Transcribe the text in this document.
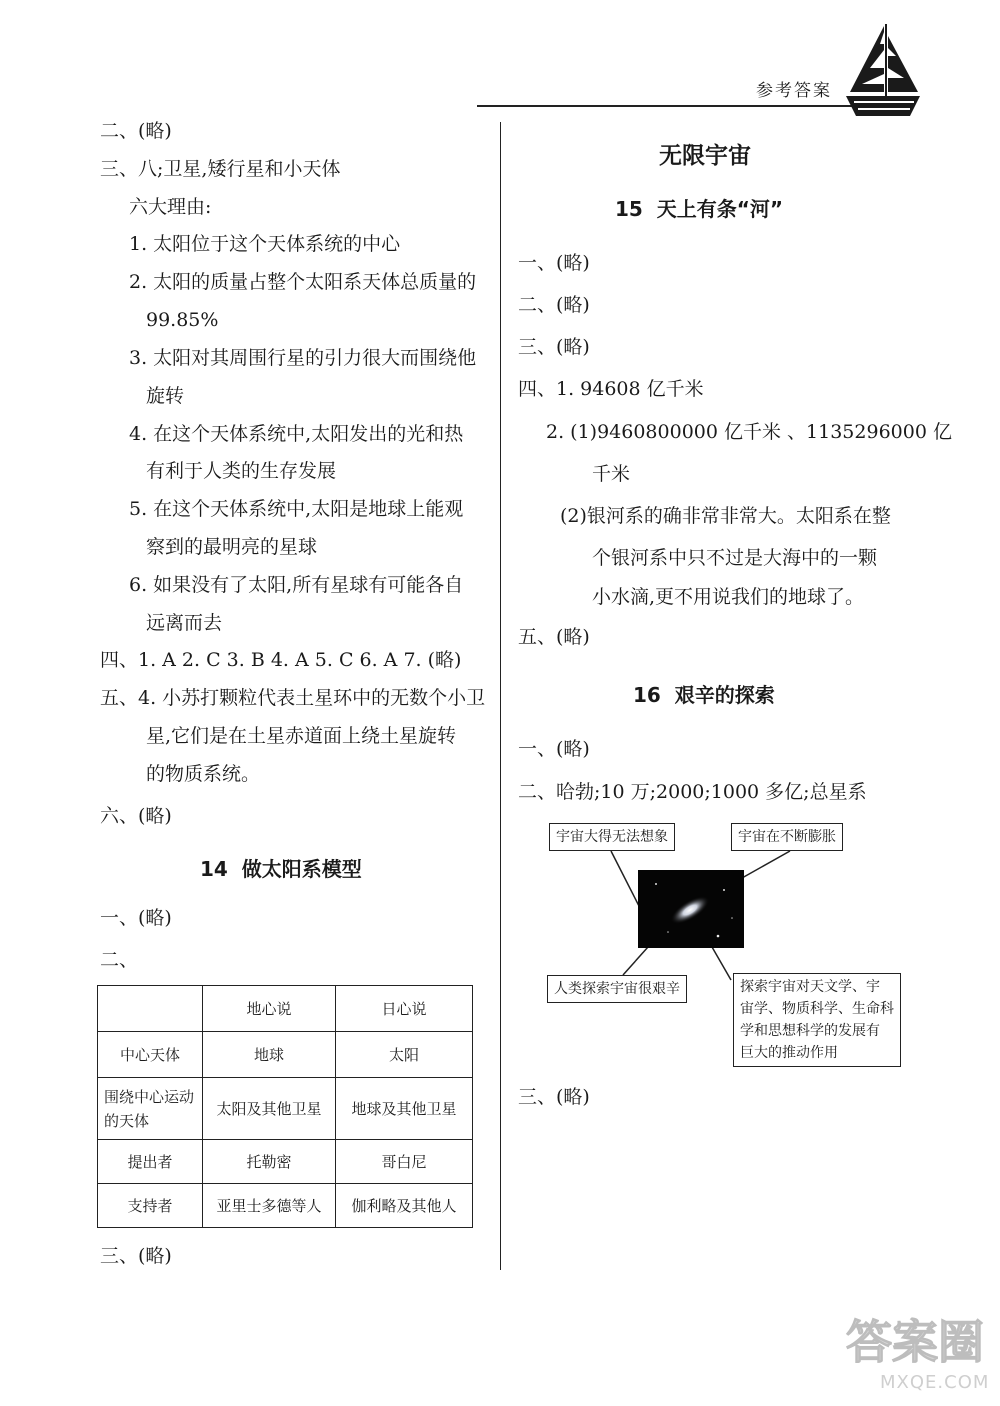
参考答案
二、(略)
三、八;卫星,矮行星和小天体
六大理由:
1. 太阳位于这个天体系统的中心
2. 太阳的质量占整个太阳系天体总质量的
99.85%
3. 太阳对其周围行星的引力很大而围绕他
旋转
4. 在这个天体系统中,太阳发出的光和热
有利于人类的生存发展
5. 在这个天体系统中,太阳是地球上能观
察到的最明亮的星球
6. 如果没有了太阳,所有星球有可能各自
远离而去
四、1. A 2. C 3. B 4. A 5. C 6. A 7. (略)
五、4. 小苏打颗粒代表土星环中的无数个小卫
星,它们是在土星赤道面上绕土星旋转
的物质系统。
六、(略)
14  做太阳系模型
一、(略)
二、
	地心说	日心说
中心天体	地球	太阳
围绕中心运动的天体	太阳及其他卫星	地球及其他卫星
提出者	托勒密	哥白尼
支持者	亚里士多德等人	伽利略及其他人
三、(略)
无限宇宙
15  天上有条“河”
一、(略)
二、(略)
三、(略)
四、1. 94608 亿千米
2. (1)9460800000 亿千米 、1135296000 亿
千米
(2)银河系的确非常非常大。太阳系在整
个银河系中只不过是大海中的一颗
小水滴,更不用说我们的地球了。
五、(略)
16  艰辛的探索
一、(略)
二、哈勃;10 万;2000;1000 多亿;总星系
宇宙大得无法想象	宇宙在不断膨胀
人类探索宇宙很艰辛	探索宇宙对天文学、宇
宙学、物质科学、生命科
学和思想科学的发展有
巨大的推动作用
三、(略)
答案圈
MXQE.COM
